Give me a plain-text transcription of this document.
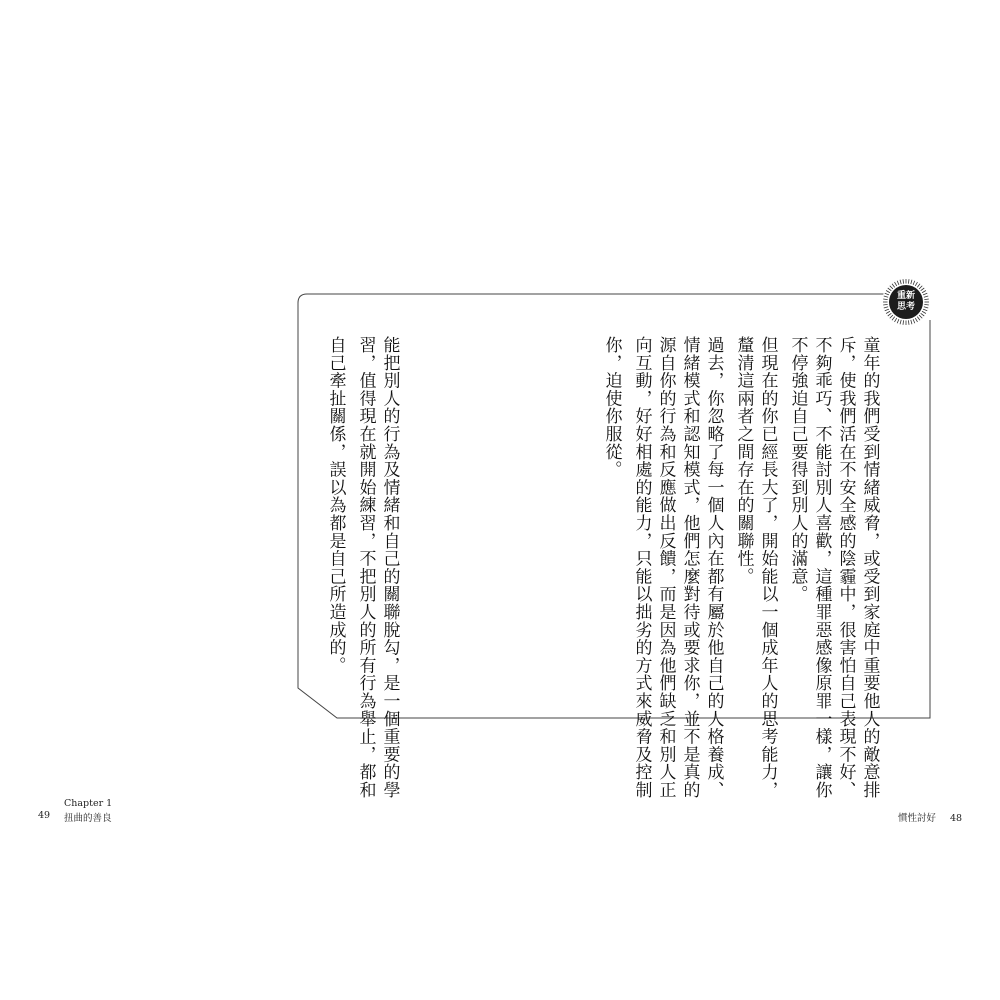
重新
思考
童年的我們受到情緒威脅，或受到家庭中重要他人的敵意排
斥，使我們活在不安全感的陰霾中，很害怕自己表現不好、
不夠乖巧、不能討別人喜歡，這種罪惡感像原罪一樣，讓你
不停強迫自己要得到別人的滿意。
但現在的你已經長大了，開始能以一個成年人的思考能力，
釐清這兩者之間存在的關聯性。
過去，你忽略了每一個人內在都有屬於他自己的人格養成、
情緒模式和認知模式，他們怎麼對待或要求你，並不是真的
源自你的行為和反應做出反饋，而是因為他們缺乏和別人正
向互動，好好相處的能力，只能以拙劣的方式來威脅及控制
你，迫使你服從。
能把別人的行為及情緒和自己的關聯脫勾，是一個重要的學
習，值得現在就開始練習，不把別人的所有行為舉止，都和
自己牽扯關係，誤以為都是自己所造成的。
49
Chapter 1
扭曲的善良	慣性討好 48
